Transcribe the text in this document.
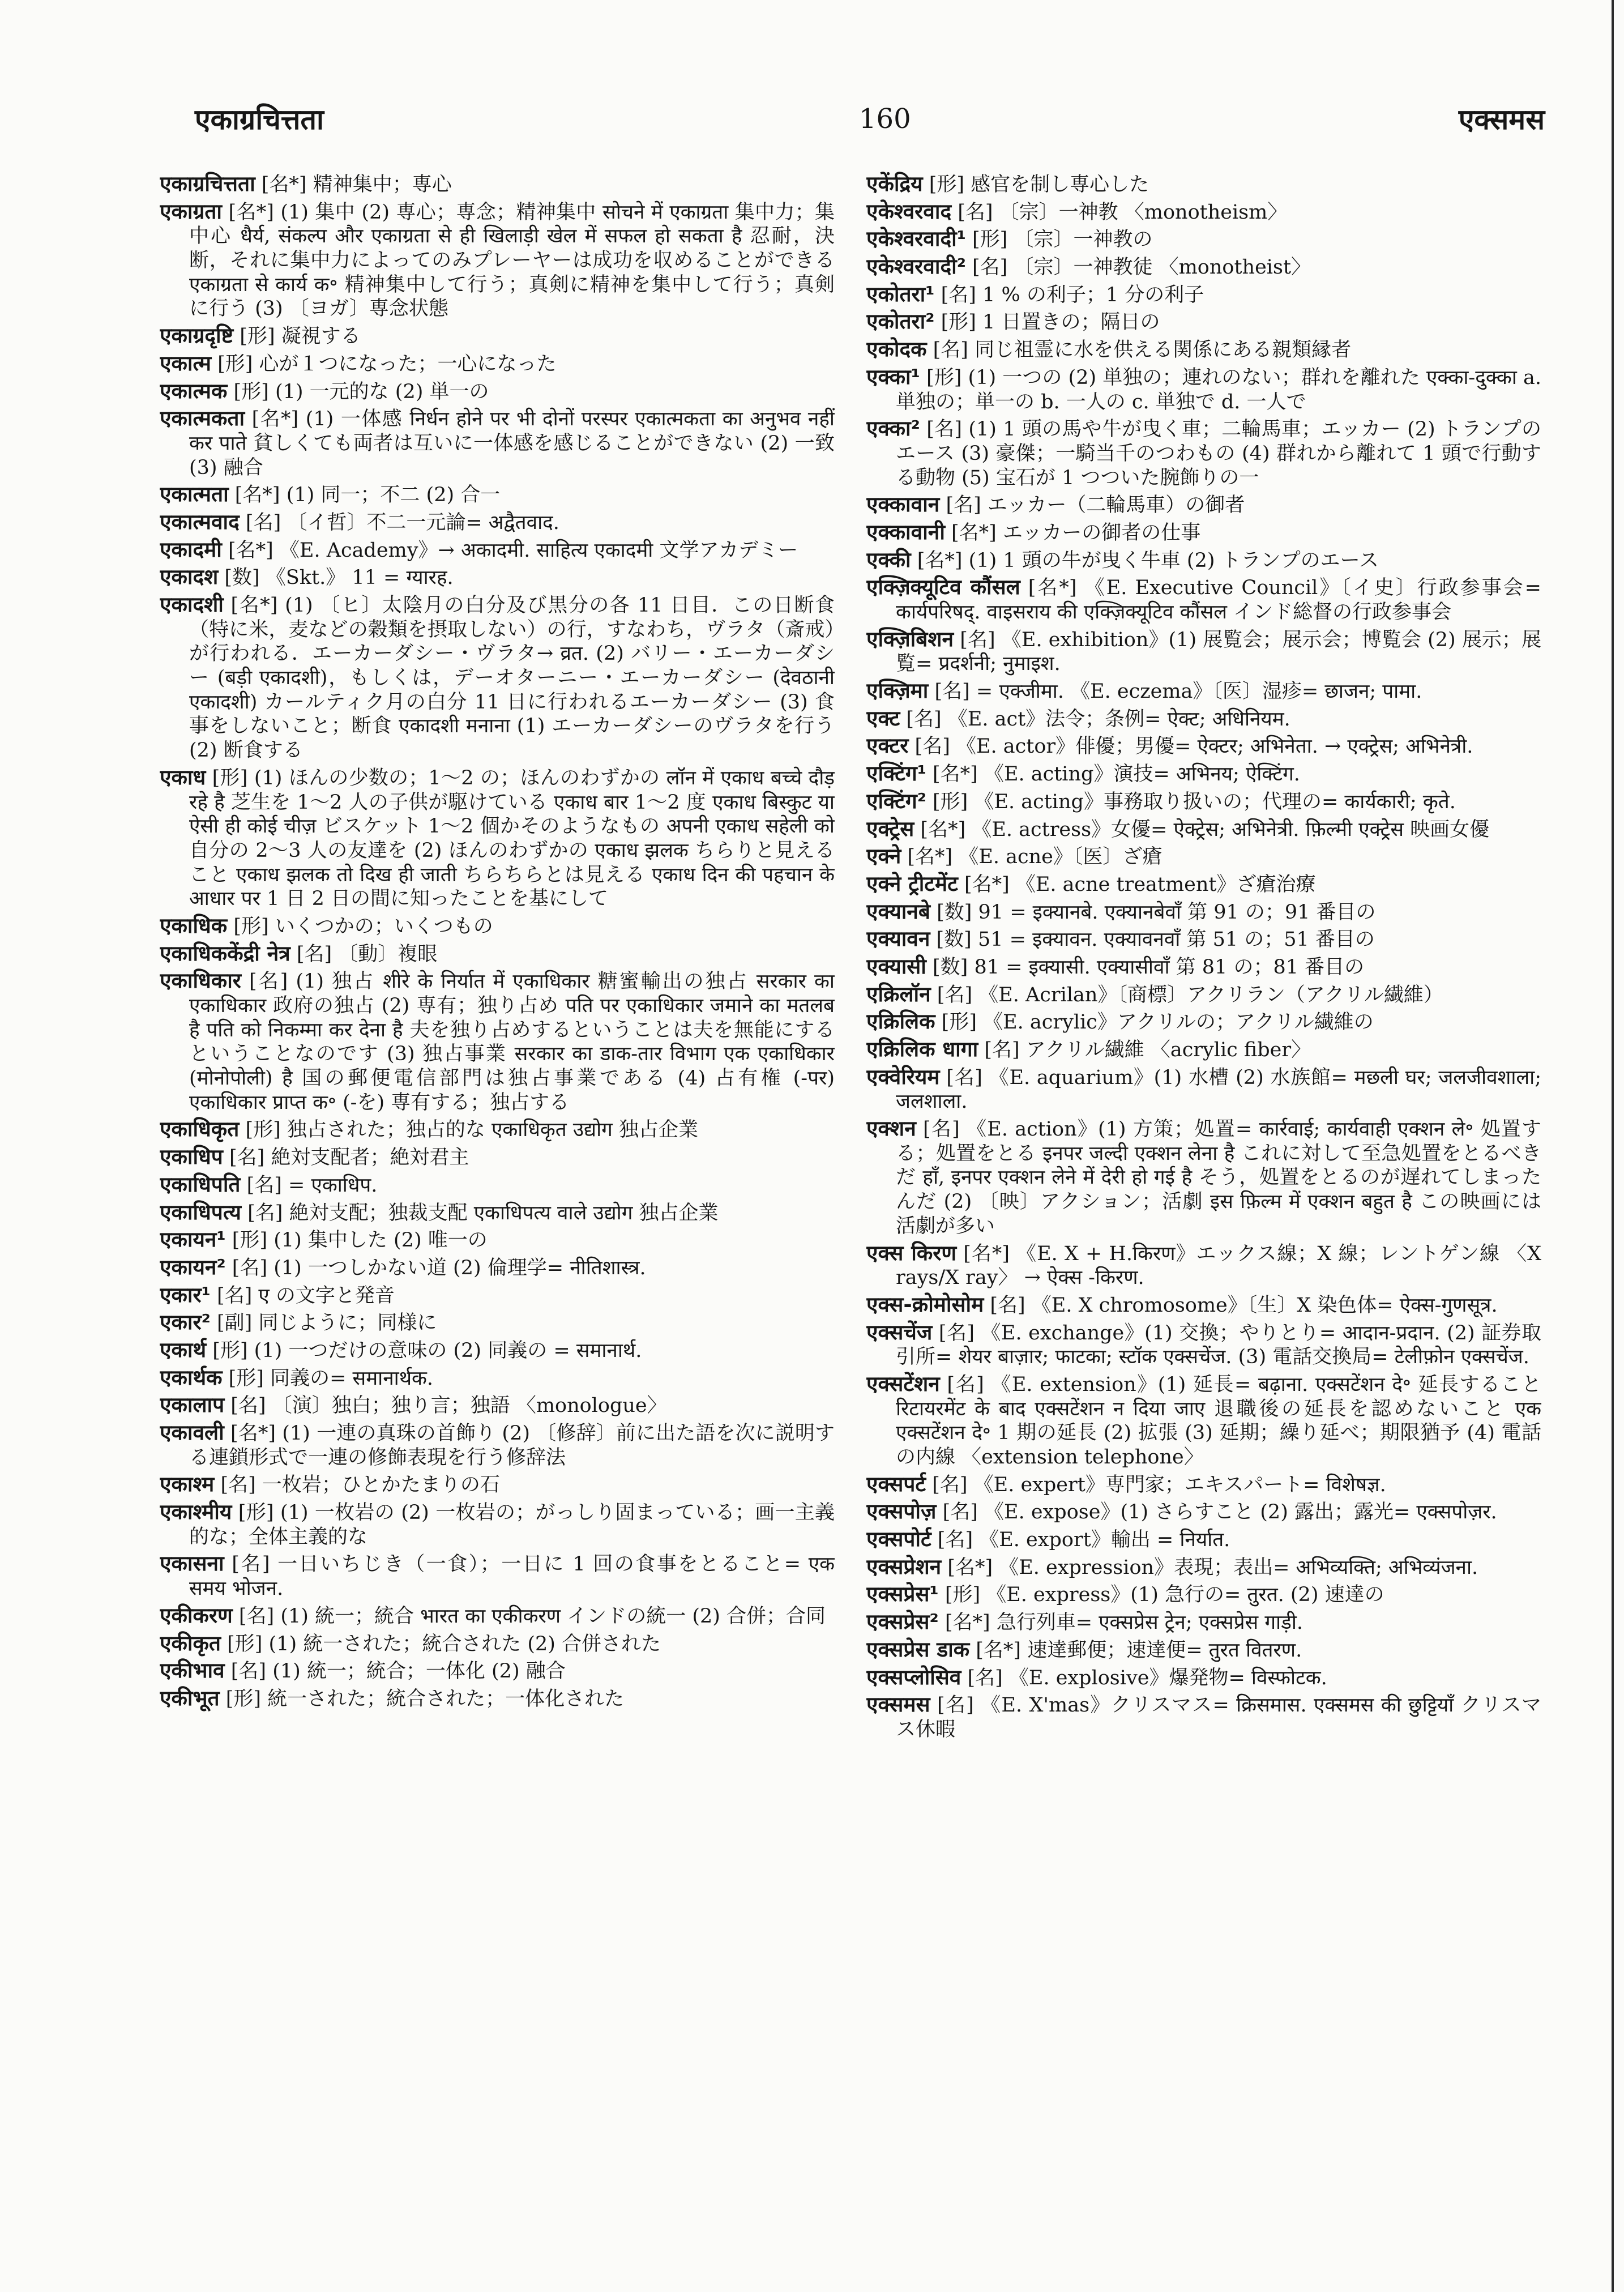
एकाग्रचित्तता	160	एक्समस

एकाग्रचित्तता [名*] 精神集中；専心

एकाग्रता [名*] (1) 集中 (2) 専心；専念；精神集中 सोचने में एकाग्रता 集中力；集中心 धैर्य, संकल्प और एकाग्रता से ही खिलाड़ी खेल में सफल हो सकता है 忍耐，決断，それに集中力によってのみプレーヤーは成功を収めることができる एकाग्रता से कार्य क॰ 精神集中して行う；真剣に精神を集中して行う；真剣に行う (3) 〔ヨガ〕専念状態

एकाग्रदृष्टि [形] 凝視する

एकात्म [形] 心が１つになった；一心になった

एकात्मक [形] (1) 一元的な (2) 単一の

एकात्मकता [名*] (1) 一体感 निर्धन होने पर भी दोनों परस्पर एकात्मकता का अनुभव नहीं कर पाते 貧しくても両者は互いに一体感を感じることができない (2) 一致 (3) 融合

एकात्मता [名*] (1) 同一；不二 (2) 合一

एकात्मवाद [名] 〔イ哲〕不二一元論= अद्वैतवाद.

एकादमी [名*] 《E. Academy》→ अकादमी. साहित्य एकादमी 文学アカデミー

एकादश [数] 《Skt.》 11 = ग्यारह.

एकादशी [名*] (1) 〔ヒ〕太陰月の白分及び黒分の各 11 日目．この日断食（特に米，麦などの穀類を摂取しない）の行，すなわち，ヴラタ（斎戒）が行われる．エーカーダシー・ヴラタ→ व्रत. (2) バリー・エーカーダシー (बड़ी एकादशी)，もしくは，デーオターニー・エーカーダシー (देवठानी एकादशी) カールティク月の白分 11 日に行われるエーカーダシー (3) 食事をしないこと；断食 एकादशी मनाना (1) エーカーダシーのヴラタを行う (2) 断食する

एकाध [形] (1) ほんの少数の；1〜2 の；ほんのわずかの लॉन में एकाध बच्चे दौड़ रहे है 芝生を 1〜2 人の子供が駆けている एकाध बार 1〜2 度 एकाध बिस्कुट या ऐसी ही कोई चीज़ ビスケット 1〜2 個かそのようなもの अपनी एकाध सहेली को 自分の 2〜3 人の友達を (2) ほんのわずかの एकाध झलक ちらりと見えること एकाध झलक तो दिख ही जाती ちらちらとは見える एकाध दिन की पहचान के आधार पर 1 日 2 日の間に知ったことを基にして

एकाधिक [形] いくつかの；いくつもの

एकाधिककेंद्री नेत्र [名] 〔動〕複眼

एकाधिकार [名] (1) 独占 शीरे के निर्यात में एकाधिकार 糖蜜輸出の独占 सरकार का एकाधिकार 政府の独占 (2) 専有；独り占め पति पर एकाधिकार जमाने का मतलब है पति को निकम्मा कर देना है 夫を独り占めするということは夫を無能にするということなのです (3) 独占事業 सरकार का डाक-तार विभाग एक एकाधिकार (मोनोपोली) है 国の郵便電信部門は独占事業である (4) 占有権 (-पर) एकाधिकार प्राप्त क॰ (-を) 専有する；独占する

एकाधिकृत [形] 独占された；独占的な एकाधिकृत उद्योग 独占企業

एकाधिप [名] 絶対支配者；絶対君主

एकाधिपति [名] = एकाधिप.

एकाधिपत्य [名] 絶対支配；独裁支配 एकाधिपत्य वाले उद्योग 独占企業

एकायन¹ [形] (1) 集中した (2) 唯一の

एकायन² [名] (1) 一つしかない道 (2) 倫理学= नीतिशास्त्र.

एकार¹ [名] ए の文字と発音

एकार² [副] 同じように；同様に

एकार्थ [形] (1) 一つだけの意味の (2) 同義の = समानार्थ.

एकार्थक [形] 同義の= समानार्थक.

एकालाप [名] 〔演〕独白；独り言；独語 〈monologue〉

एकावली [名*] (1) 一連の真珠の首飾り (2) 〔修辞〕前に出た語を次に説明する連鎖形式で一連の修飾表現を行う修辞法

एकाश्म [名] 一枚岩；ひとかたまりの石

एकाश्मीय [形] (1) 一枚岩の (2) 一枚岩の；がっしり固まっている；画一主義的な；全体主義的な

एकासना [名] 一日いちじき（一食）；一日に 1 回の食事をとること= एक समय भोजन.

एकीकरण [名] (1) 統一；統合 भारत का एकीकरण インドの統一 (2) 合併；合同

एकीकृत [形] (1) 統一された；統合された (2) 合併された

एकीभाव [名] (1) 統一；統合；一体化 (2) 融合

एकीभूत [形] 統一された；統合された；一体化された

एकेंद्रिय [形] 感官を制し専心した

एकेश्वरवाद [名] 〔宗〕一神教 〈monotheism〉

एकेश्वरवादी¹ [形] 〔宗〕一神教の

एकेश्वरवादी² [名] 〔宗〕一神教徒 〈monotheist〉

एकोतरा¹ [名] 1 % の利子；1 分の利子

एकोतरा² [形] 1 日置きの；隔日の

एकोदक [名] 同じ祖霊に水を供える関係にある親類縁者

एक्का¹ [形] (1) 一つの (2) 単独の；連れのない；群れを離れた एक्का-दुक्का a. 単独の；単一の b. 一人の c. 単独で d. 一人で

एक्का² [名] (1) 1 頭の馬や牛が曳く車；二輪馬車；エッカー (2) トランプのエース (3) 豪傑；一騎当千のつわもの (4) 群れから離れて 1 頭で行動する動物 (5) 宝石が 1 つついた腕飾りの一

एक्कावान [名] エッカー（二輪馬車）の御者

एक्कावानी [名*] エッカーの御者の仕事

एक्की [名*] (1) 1 頭の牛が曳く牛車 (2) トランプのエース

एक्ज़िक्यूटिव कौंसल [名*] 《E. Executive Council》〔イ史〕行政参事会= कार्यपरिषद्. वाइसराय की एक्ज़िक्यूटिव कौंसल インド総督の行政参事会

एक्ज़िबिशन [名] 《E. exhibition》(1) 展覧会；展示会；博覧会 (2) 展示；展覧= प्रदर्शनी; नुमाइश.

एक्ज़िमा [名] = एक्जीमा. 《E. eczema》〔医〕湿疹= छाजन; पामा.

एक्ट [名] 《E. act》法令；条例= ऐक्ट; अधिनियम.

एक्टर [名] 《E. actor》俳優；男優= ऐक्टर; अभिनेता. → एक्ट्रेस; अभिनेत्री.

एक्टिंग¹ [名*] 《E. acting》演技= अभिनय; ऐक्टिंग.

एक्टिंग² [形] 《E. acting》事務取り扱いの；代理の= कार्यकारी; कृते.

एक्ट्रेस [名*] 《E. actress》女優= ऐक्ट्रेस; अभिनेत्री. फ़िल्मी एक्ट्रेस 映画女優

एक्ने [名*] 《E. acne》〔医〕ざ瘡

एक्ने ट्रीटमेंट [名*] 《E. acne treatment》ざ瘡治療

एक्यानबे [数] 91 = इक्यानबे. एक्यानबेवाँ 第 91 の；91 番目の

एक्यावन [数] 51 = इक्यावन. एक्यावनवाँ 第 51 の；51 番目の

एक्यासी [数] 81 = इक्यासी. एक्यासीवाँ 第 81 の；81 番目の

एक्रिलॉन [名] 《E. Acrilan》〔商標〕アクリラン（アクリル繊維）

एक्रिलिक [形] 《E. acrylic》アクリルの；アクリル繊維の

एक्रिलिक धागा [名] アクリル繊維 〈acrylic fiber〉

एक्वेरियम [名] 《E. aquarium》(1) 水槽 (2) 水族館= मछली घर; जलजीवशाला; जलशाला.

एक्शन [名] 《E. action》(1) 方策；処置= कार्रवाई; कार्यवाही एक्शन ले॰ 処置する；処置をとる इनपर जल्दी एक्शन लेना है これに対して至急処置をとるべきだ हाँ, इनपर एक्शन लेने में देरी हो गई है そう，処置をとるのが遅れてしまったんだ (2) 〔映〕アクション；活劇 इस फ़िल्म में एक्शन बहुत है この映画には活劇が多い

एक्स किरण [名*] 《E. X + H.किरण》エックス線；X 線；レントゲン線 〈X rays/X ray〉 → ऐक्स -किरण.

एक्स-क्रोमोसोम [名] 《E. X chromosome》〔生〕X 染色体= ऐक्स-गुणसूत्र.

एक्सचेंज [名] 《E. exchange》(1) 交換；やりとり= आदान-प्रदान. (2) 証券取引所= शेयर बाज़ार; फाटका; स्टॉक एक्सचेंज. (3) 電話交換局= टेलीफ़ोन एक्सचेंज.

एक्सटेंशन [名] 《E. extension》(1) 延長= बढ़ाना. एक्सटेंशन दे॰ 延長すること रिटायरमेंट के बाद एक्सटेंशन न दिया जाए 退職後の延長を認めないこと एक एक्सटेंशन दे॰ 1 期の延長 (2) 拡張 (3) 延期；繰り延べ；期限猶予 (4) 電話の内線 〈extension telephone〉

एक्सपर्ट [名] 《E. expert》専門家；エキスパート= विशेषज्ञ.

एक्सपोज़ [名] 《E. expose》(1) さらすこと (2) 露出；露光= एक्सपोज़र.

एक्सपोर्ट [名] 《E. export》輸出 = निर्यात.

एक्सप्रेशन [名*] 《E. expression》表現；表出= अभिव्यक्ति; अभिव्यंजना.

एक्सप्रेस¹ [形] 《E. express》(1) 急行の= तुरत. (2) 速達の

एक्सप्रेस² [名*] 急行列車= एक्सप्रेस ट्रेन; एक्सप्रेस गाड़ी.

एक्सप्रेस डाक [名*] 速達郵便；速達便= तुरत वितरण.

एक्सप्लोसिव [名] 《E. explosive》爆発物= विस्फोटक.

एक्समस [名] 《E. X'mas》クリスマス= क्रिसमास. एक्समस की छुट्टियाँ クリスマス休暇
